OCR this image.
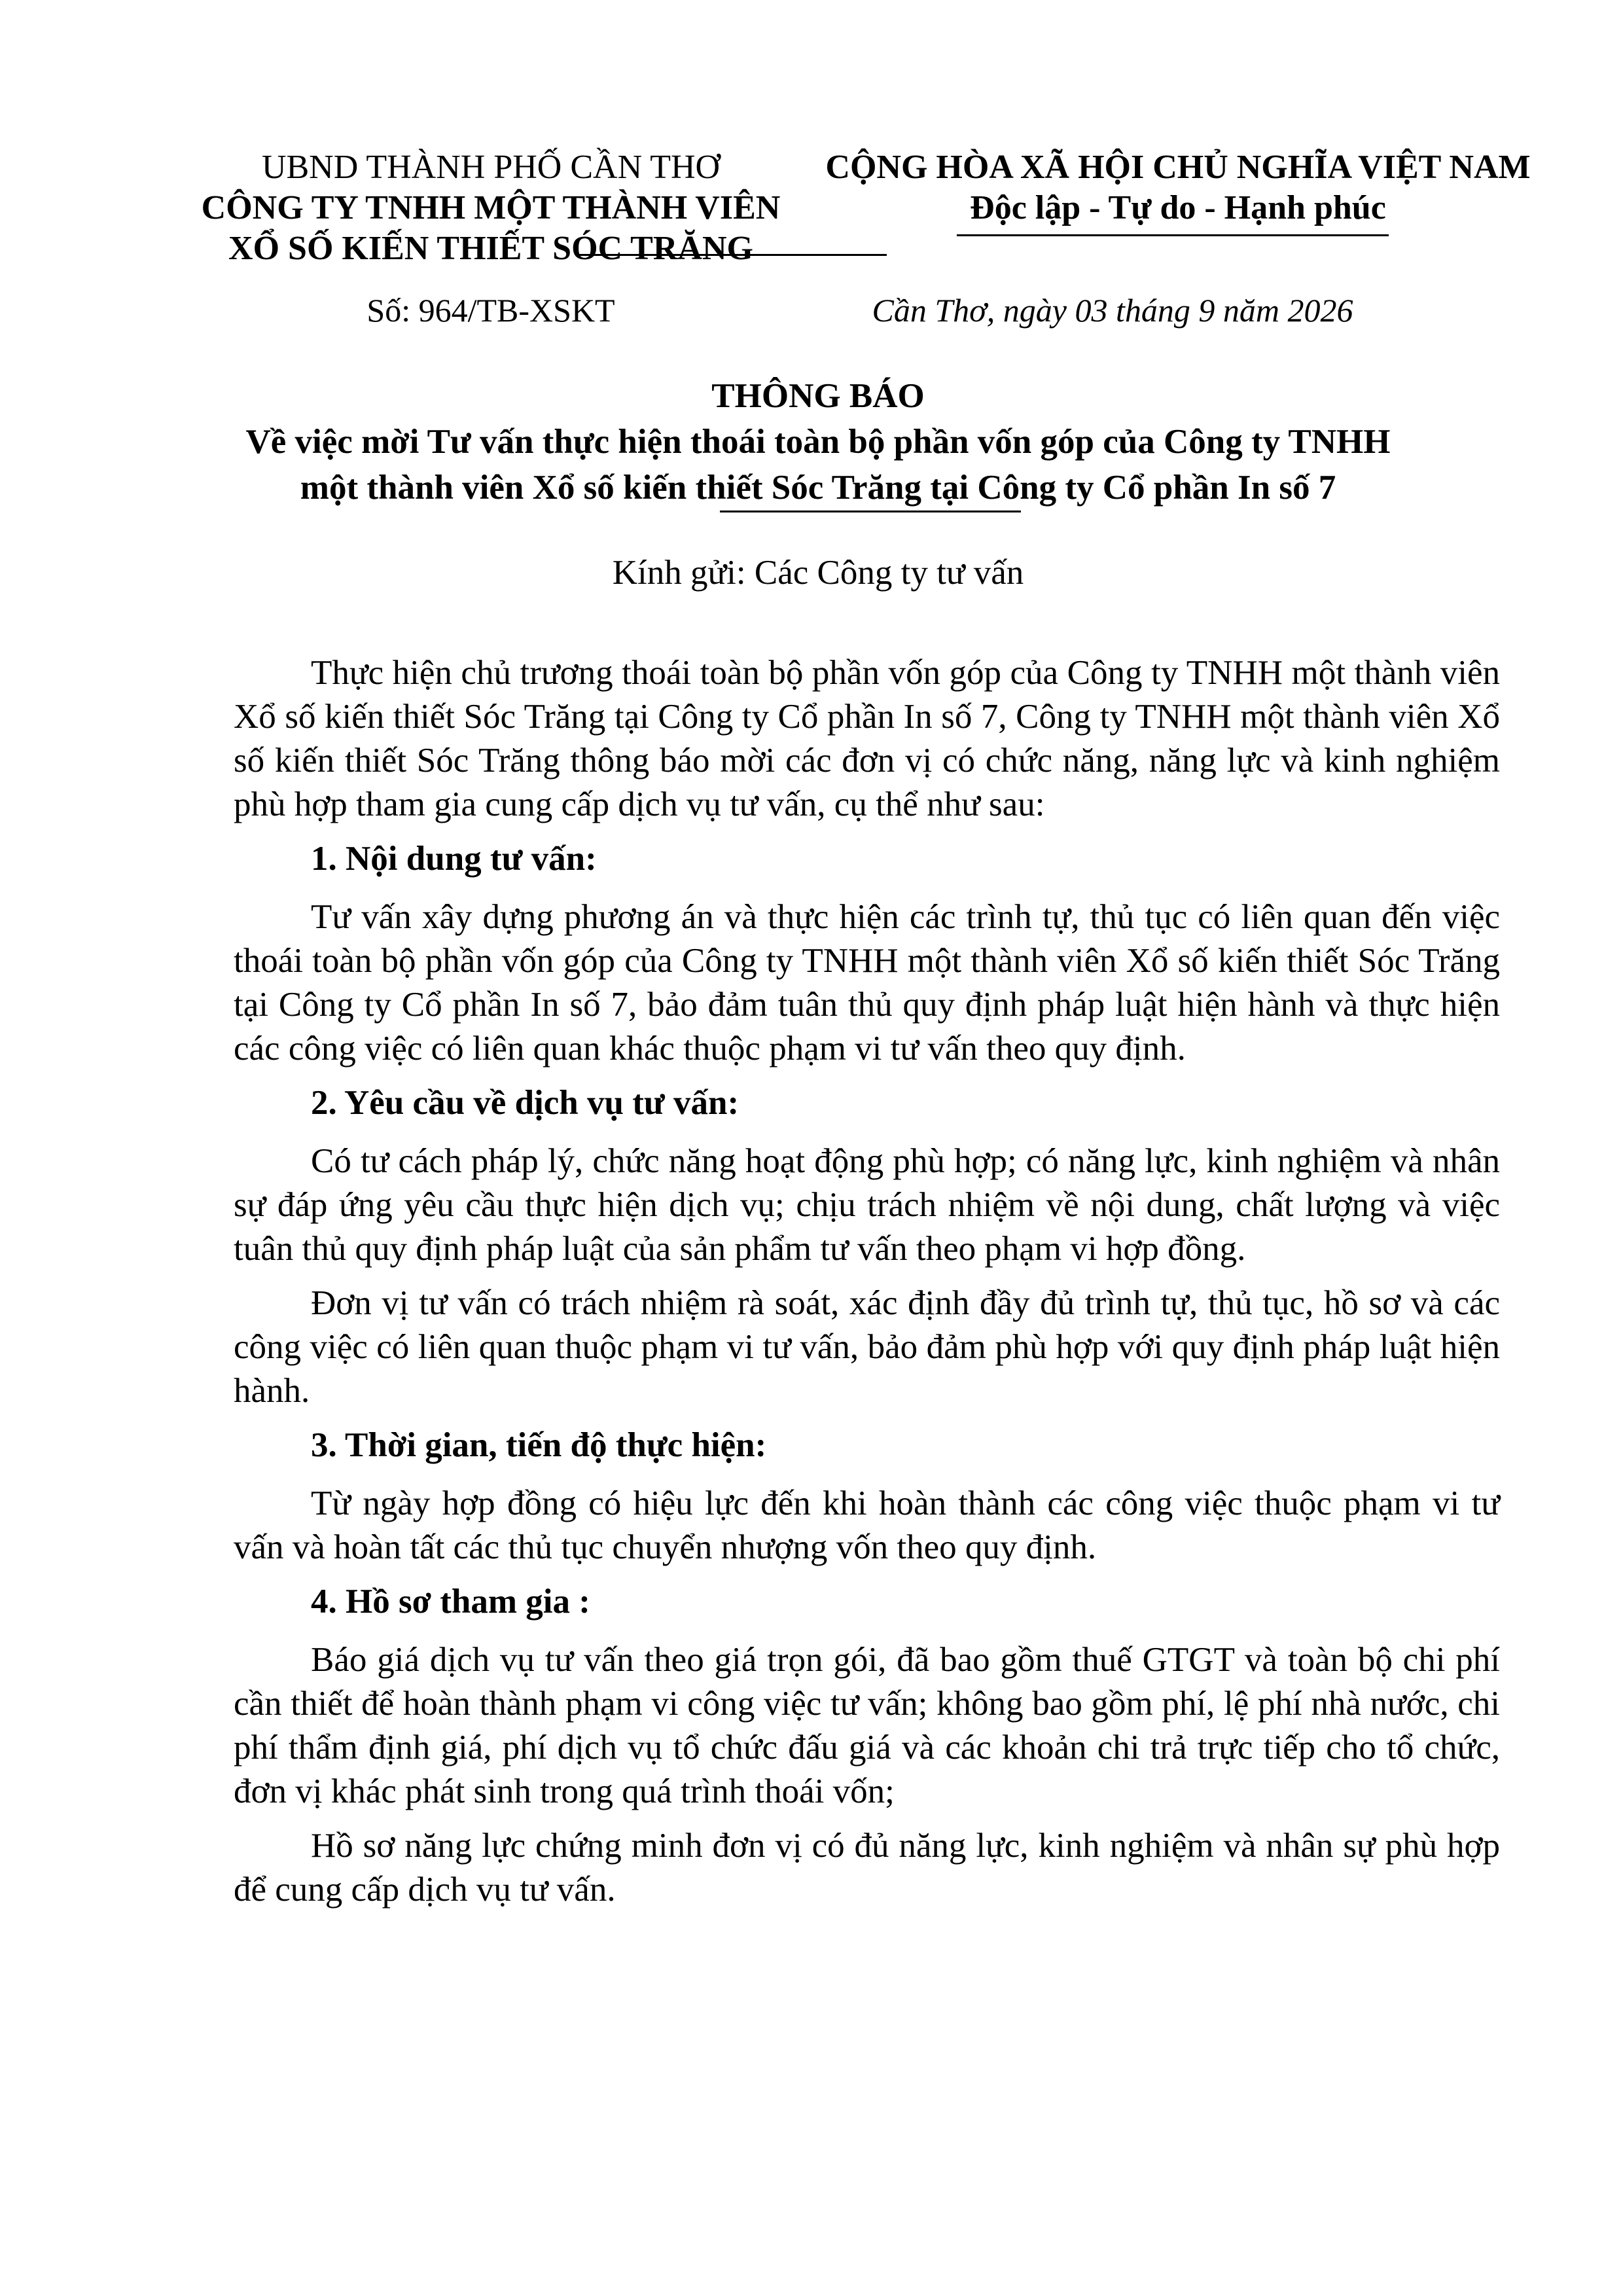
UBND THÀNH PHỐ CẦN THƠ
CÔNG TY TNHH MỘT THÀNH VIÊN
XỔ SỐ KIẾN THIẾT SÓC TRĂNG
CỘNG HÒA XÃ HỘI CHỦ NGHĨA VIỆT NAM
Độc lập - Tự do - Hạnh phúc
Số: 964/TB-XSKT	Cần Thơ, ngày 03 tháng 9 năm 2026
THÔNG BÁO
Về việc mời Tư vấn thực hiện thoái toàn bộ phần vốn góp của Công ty TNHH
một thành viên Xổ số kiến thiết Sóc Trăng tại Công ty Cổ phần In số 7
Kính gửi: Các Công ty tư vấn

Thực hiện chủ trương thoái toàn bộ phần vốn góp của Công ty TNHH một thành viên Xổ số kiến thiết Sóc Trăng tại Công ty Cổ phần In số 7, Công ty TNHH một thành viên Xổ số kiến thiết Sóc Trăng thông báo mời các đơn vị có chức năng, năng lực và kinh nghiệm phù hợp tham gia cung cấp dịch vụ tư vấn, cụ thể như sau:

1. Nội dung tư vấn:

Tư vấn xây dựng phương án và thực hiện các trình tự, thủ tục có liên quan đến việc thoái toàn bộ phần vốn góp của Công ty TNHH một thành viên Xổ số kiến thiết Sóc Trăng tại Công ty Cổ phần In số 7, bảo đảm tuân thủ quy định pháp luật hiện hành và thực hiện các công việc có liên quan khác thuộc phạm vi tư vấn theo quy định.

2. Yêu cầu về dịch vụ tư vấn:

Có tư cách pháp lý, chức năng hoạt động phù hợp; có năng lực, kinh nghiệm và nhân sự đáp ứng yêu cầu thực hiện dịch vụ; chịu trách nhiệm về nội dung, chất lượng và việc tuân thủ quy định pháp luật của sản phẩm tư vấn theo phạm vi hợp đồng.

Đơn vị tư vấn có trách nhiệm rà soát, xác định đầy đủ trình tự, thủ tục, hồ sơ và các công việc có liên quan thuộc phạm vi tư vấn, bảo đảm phù hợp với quy định pháp luật hiện hành.

3. Thời gian, tiến độ thực hiện:

Từ ngày hợp đồng có hiệu lực đến khi hoàn thành các công việc thuộc phạm vi tư vấn và hoàn tất các thủ tục chuyển nhượng vốn theo quy định.

4. Hồ sơ tham gia :

Báo giá dịch vụ tư vấn theo giá trọn gói, đã bao gồm thuế GTGT và toàn bộ chi phí cần thiết để hoàn thành phạm vi công việc tư vấn; không bao gồm phí, lệ phí nhà nước, chi phí thẩm định giá, phí dịch vụ tổ chức đấu giá và các khoản chi trả trực tiếp cho tổ chức, đơn vị khác phát sinh trong quá trình thoái vốn;

Hồ sơ năng lực chứng minh đơn vị có đủ năng lực, kinh nghiệm và nhân sự phù hợp để cung cấp dịch vụ tư vấn.
